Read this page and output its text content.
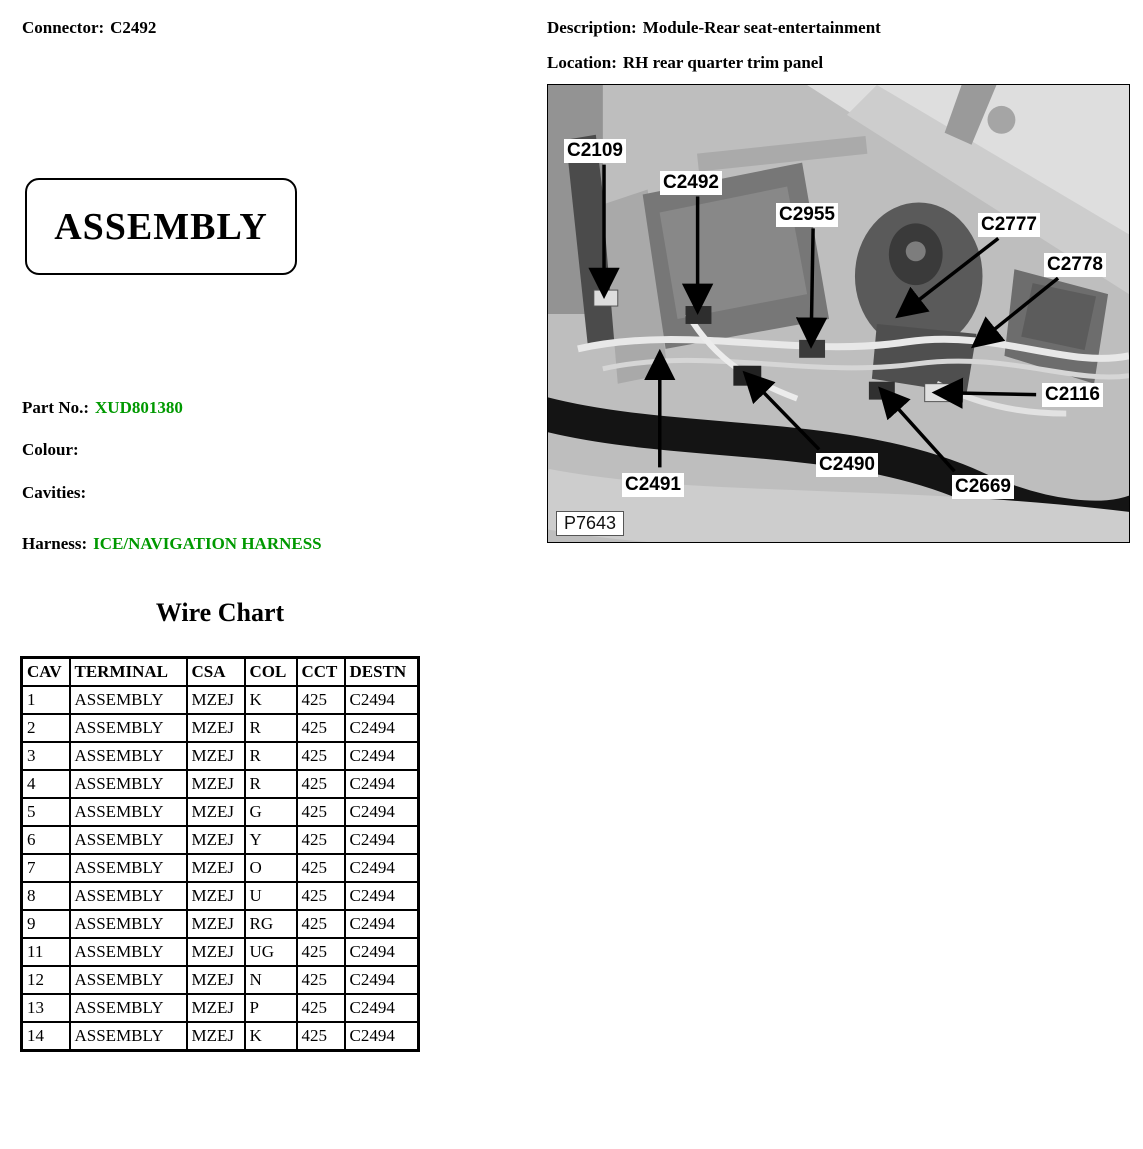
Connector: C2492	Description: Module-Rear seat-entertainment
Location: RH rear quarter trim panel
ASSEMBLY
Part No.: XUD801380
Colour:
Cavities:
Harness: ICE/NAVIGATION HARNESS
C2109
C2492
C2955	C2777
C2778
C2116
C2491
C2490
C2669
P7643
Wire Chart
CAV	TERMINAL	CSA	COL	CCT	DESTN
1	ASSEMBLY	MZEJ	K	425	C2494
2	ASSEMBLY	MZEJ	R	425	C2494
3	ASSEMBLY	MZEJ	R	425	C2494
4	ASSEMBLY	MZEJ	R	425	C2494
5	ASSEMBLY	MZEJ	G	425	C2494
6	ASSEMBLY	MZEJ	Y	425	C2494
7	ASSEMBLY	MZEJ	O	425	C2494
8	ASSEMBLY	MZEJ	U	425	C2494
9	ASSEMBLY	MZEJ	RG	425	C2494
11	ASSEMBLY	MZEJ	UG	425	C2494
12	ASSEMBLY	MZEJ	N	425	C2494
13	ASSEMBLY	MZEJ	P	425	C2494
14	ASSEMBLY	MZEJ	K	425	C2494
